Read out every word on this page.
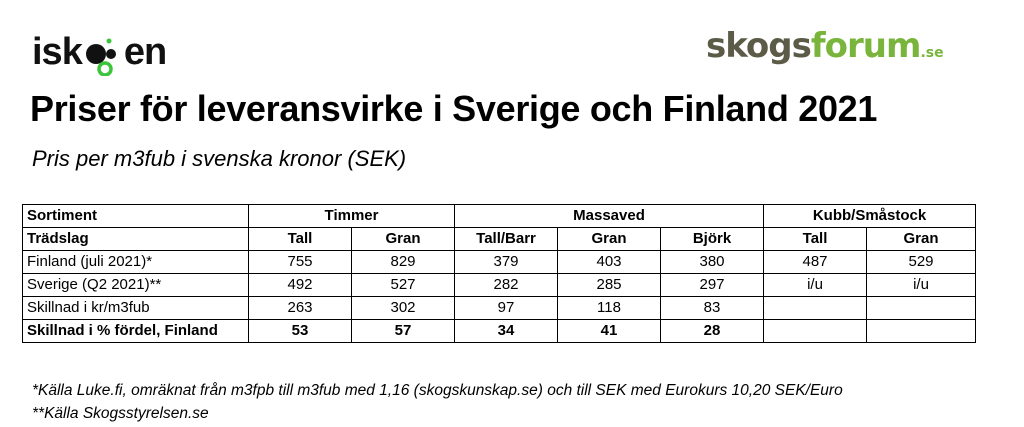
isk en	skogsforum.se
Priser för leveransvirke i Sverige och Finland 2021

Pris per m3fub i svenska kronor (SEK)

Sortiment	Timmer		Massaved			Kubb/Småstock	
Trädslag	Tall	Gran	Tall/Barr	Gran	Björk	Tall	Gran
Finland (juli 2021)*	755	829	379	403	380	487	529
Sverige (Q2 2021)**	492	527	282	285	297	i/u	i/u
Skillnad i kr/m3fub	263	302	97	118	83		
Skillnad i % fördel, Finland	53	57	34	41	28		

*Källa Luke.fi, omräknat från m3fpb till m3fub med 1,16 (skogskunskap.se) och till SEK med Eurokurs 10,20 SEK/Euro

**Källa Skogsstyrelsen.se
